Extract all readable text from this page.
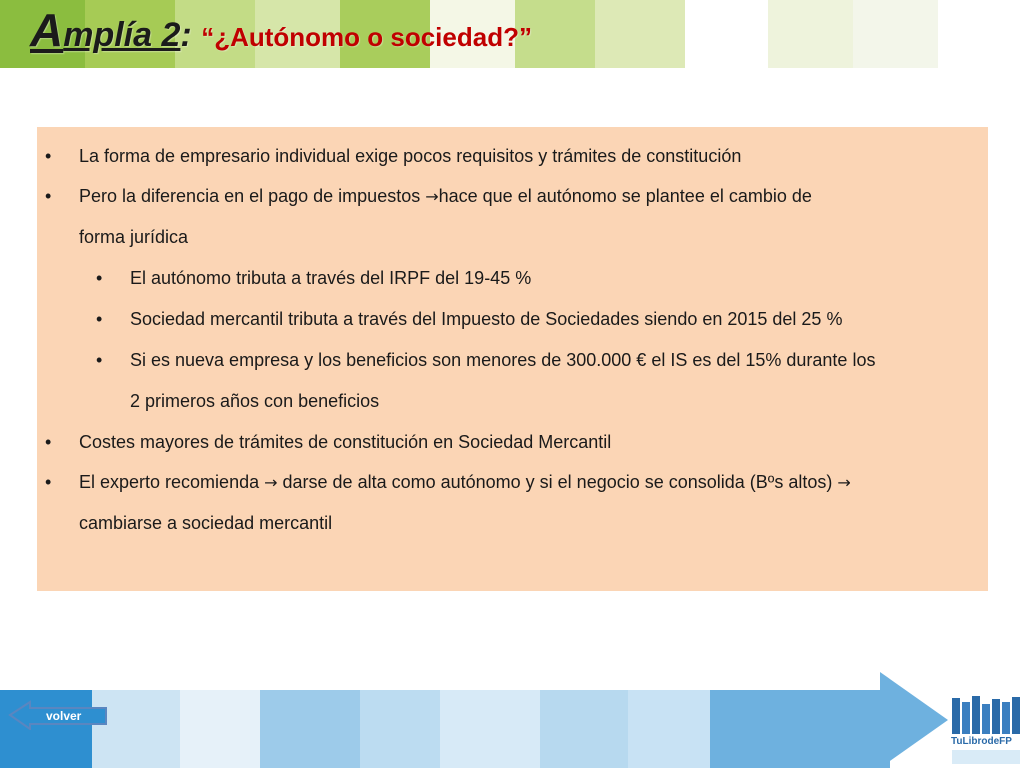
Amplía 2: “¿Autónomo o sociedad?”
• La forma de empresario individual exige pocos requisitos y trámites de constitución
• Pero la diferencia en el pago de impuestos →hace que el autónomo se plantee el cambio de
forma jurídica
• El autónomo tributa a través del IRPF del 19-45 %
• Sociedad mercantil tributa a través del Impuesto de Sociedades siendo en 2015 del 25 %
• Si es nueva empresa y los beneficios son menores de 300.000 € el IS es del 15% durante los
2 primeros años con beneficios
• Costes mayores de trámites de constitución en Sociedad Mercantil
• El experto recomienda → darse de alta como autónomo y si el negocio se consolida (Bºs altos) →
cambiarse a sociedad mercantil
volver
TuLibrodeFP
